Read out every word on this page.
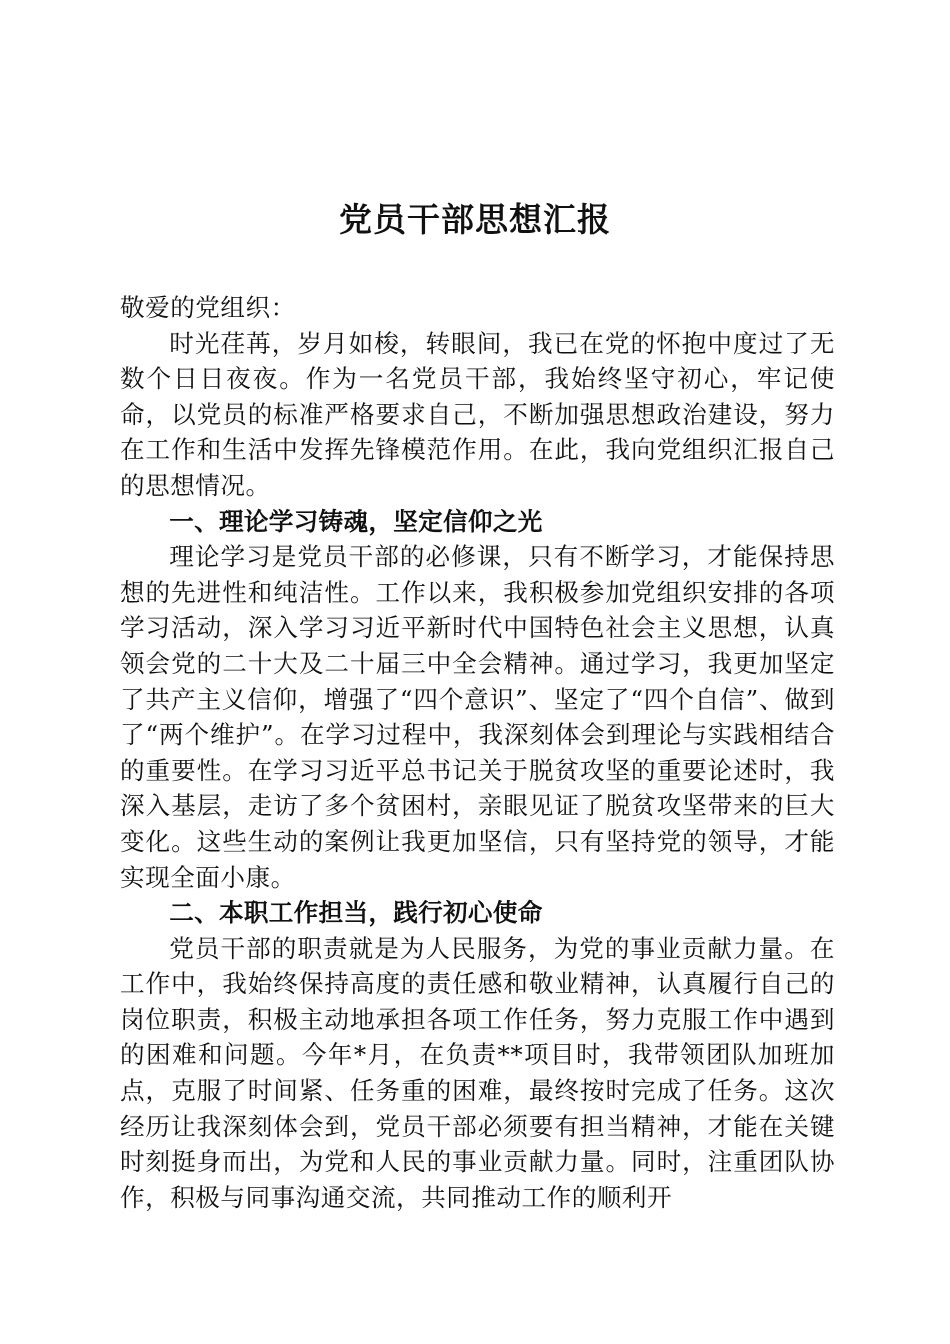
党员干部思想汇报

敬爱的党组织：

时光荏苒，岁月如梭，转眼间，我已在党的怀抱中度过了无数个日日夜夜。作为一名党员干部，我始终坚守初心，牢记使命，以党员的标准严格要求自己，不断加强思想政治建设，努力在工作和生活中发挥先锋模范作用。在此，我向党组织汇报自己的思想情况。

一、理论学习铸魂，坚定信仰之光

理论学习是党员干部的必修课，只有不断学习，才能保持思想的先进性和纯洁性。工作以来，我积极参加党组织安排的各项学习活动，深入学习习近平新时代中国特色社会主义思想，认真领会党的二十大及二十届三中全会精神。通过学习，我更加坚定了共产主义信仰，增强了“四个意识”、坚定了“四个自信”、做到了“两个维护”。在学习过程中，我深刻体会到理论与实践相结合的重要性。在学习习近平总书记关于脱贫攻坚的重要论述时，我深入基层，走访了多个贫困村，亲眼见证了脱贫攻坚带来的巨大变化。这些生动的案例让我更加坚信，只有坚持党的领导，才能实现全面小康。

二、本职工作担当，践行初心使命

党员干部的职责就是为人民服务，为党的事业贡献力量。在工作中，我始终保持高度的责任感和敬业精神，认真履行自己的岗位职责，积极主动地承担各项工作任务，努力克服工作中遇到的困难和问题。今年*月，在负责**项目时，我带领团队加班加点，克服了时间紧、任务重的困难，最终按时完成了任务。这次经历让我深刻体会到，党员干部必须要有担当精神，才能在关键时刻挺身而出，为党和人民的事业贡献力量。同时，注重团队协作，积极与同事沟通交流，共同推动工作的顺利开
